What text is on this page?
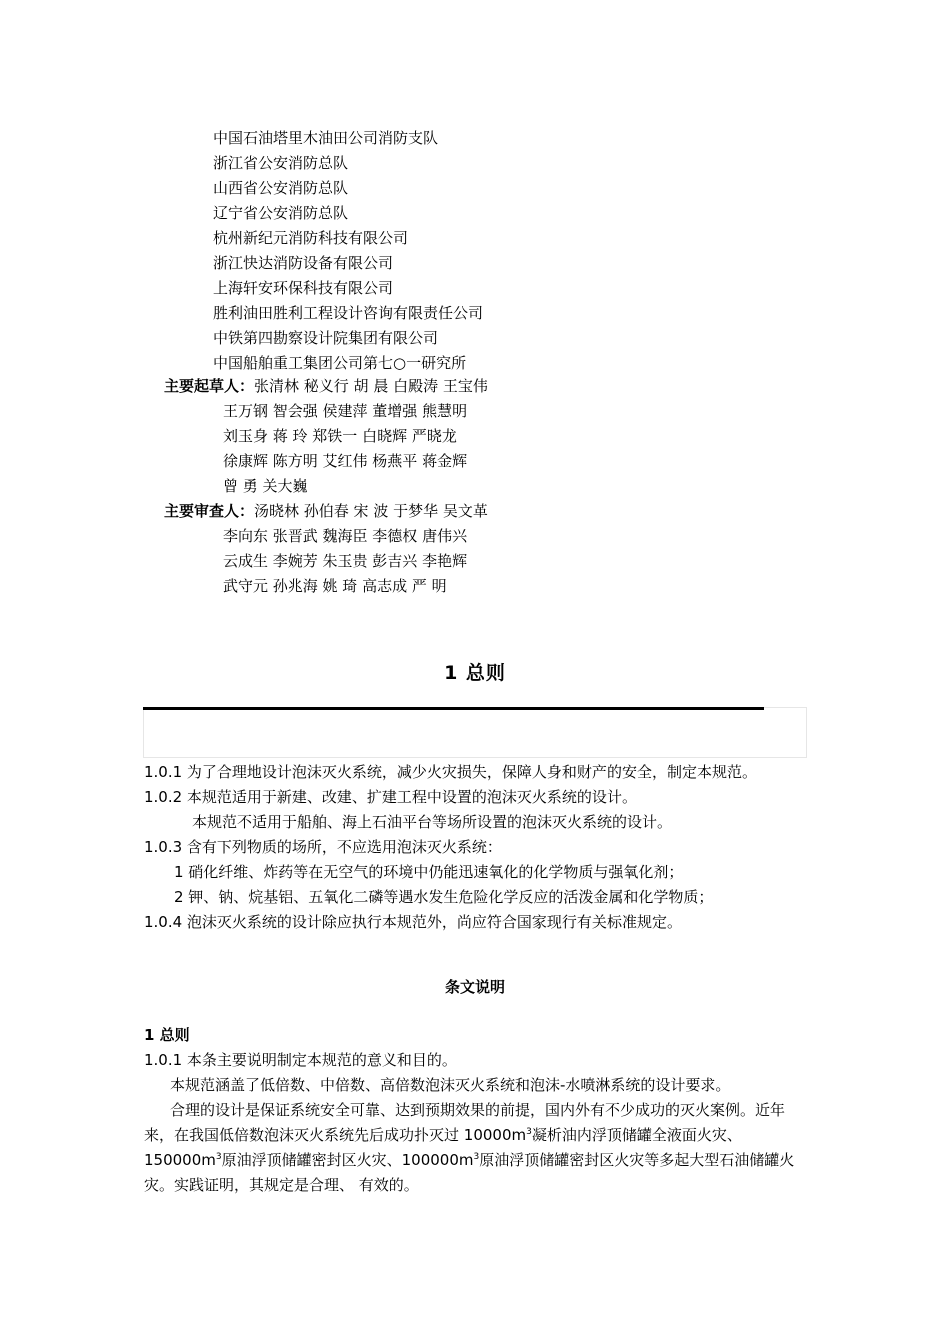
中国石油塔里木油田公司消防支队
浙江省公安消防总队
山西省公安消防总队
辽宁省公安消防总队
杭州新纪元消防科技有限公司
浙江快达消防设备有限公司
上海轩安环保科技有限公司
胜利油田胜利工程设计咨询有限责任公司
中铁第四勘察设计院集团有限公司
中国船舶重工集团公司第七○一研究所
主要起草人：张清林 秘义行 胡 晨 白殿涛 王宝伟
王万钢 智会强 侯建萍 董增强 熊慧明
刘玉身 蒋 玲 郑铁一 白晓辉 严晓龙
徐康辉 陈方明 艾红伟 杨燕平 蒋金辉
曾 勇 关大巍
主要审查人：汤晓林 孙伯春 宋 波 于梦华 吴文革
李向东 张晋武 魏海臣 李德权 唐伟兴
云成生 李婉芳 朱玉贵 彭吉兴 李艳辉
武守元 孙兆海 姚 琦 高志成 严 明
1 总则
1.0.1 为了合理地设计泡沫灭火系统，减少火灾损失，保障人身和财产的安全，制定本规范。
1.0.2 本规范适用于新建、改建、扩建工程中设置的泡沫灭火系统的设计。
本规范不适用于船舶、海上石油平台等场所设置的泡沫灭火系统的设计。
1.0.3 含有下列物质的场所，不应选用泡沫灭火系统：
1 硝化纤维、炸药等在无空气的环境中仍能迅速氧化的化学物质与强氧化剂；
2 钾、钠、烷基铝、五氧化二磷等遇水发生危险化学反应的活泼金属和化学物质；
1.0.4 泡沫灭火系统的设计除应执行本规范外，尚应符合国家现行有关标准规定。
条文说明
1 总则
1.0.1 本条主要说明制定本规范的意义和目的。
本规范涵盖了低倍数、中倍数、高倍数泡沫灭火系统和泡沫-水喷淋系统的设计要求。
合理的设计是保证系统安全可靠、达到预期效果的前提，国内外有不少成功的灭火案例。近年来，在我国低倍数泡沫灭火系统先后成功扑灭过 $10000m^3$凝析油内浮顶储罐全液面火灾、$150000m^3$原油浮顶储罐密封区火灾、$100000m^3$原油浮顶储罐密封区火灾等多起大型石油储罐火灾。实践证明，其规定是合理、 有效的。
